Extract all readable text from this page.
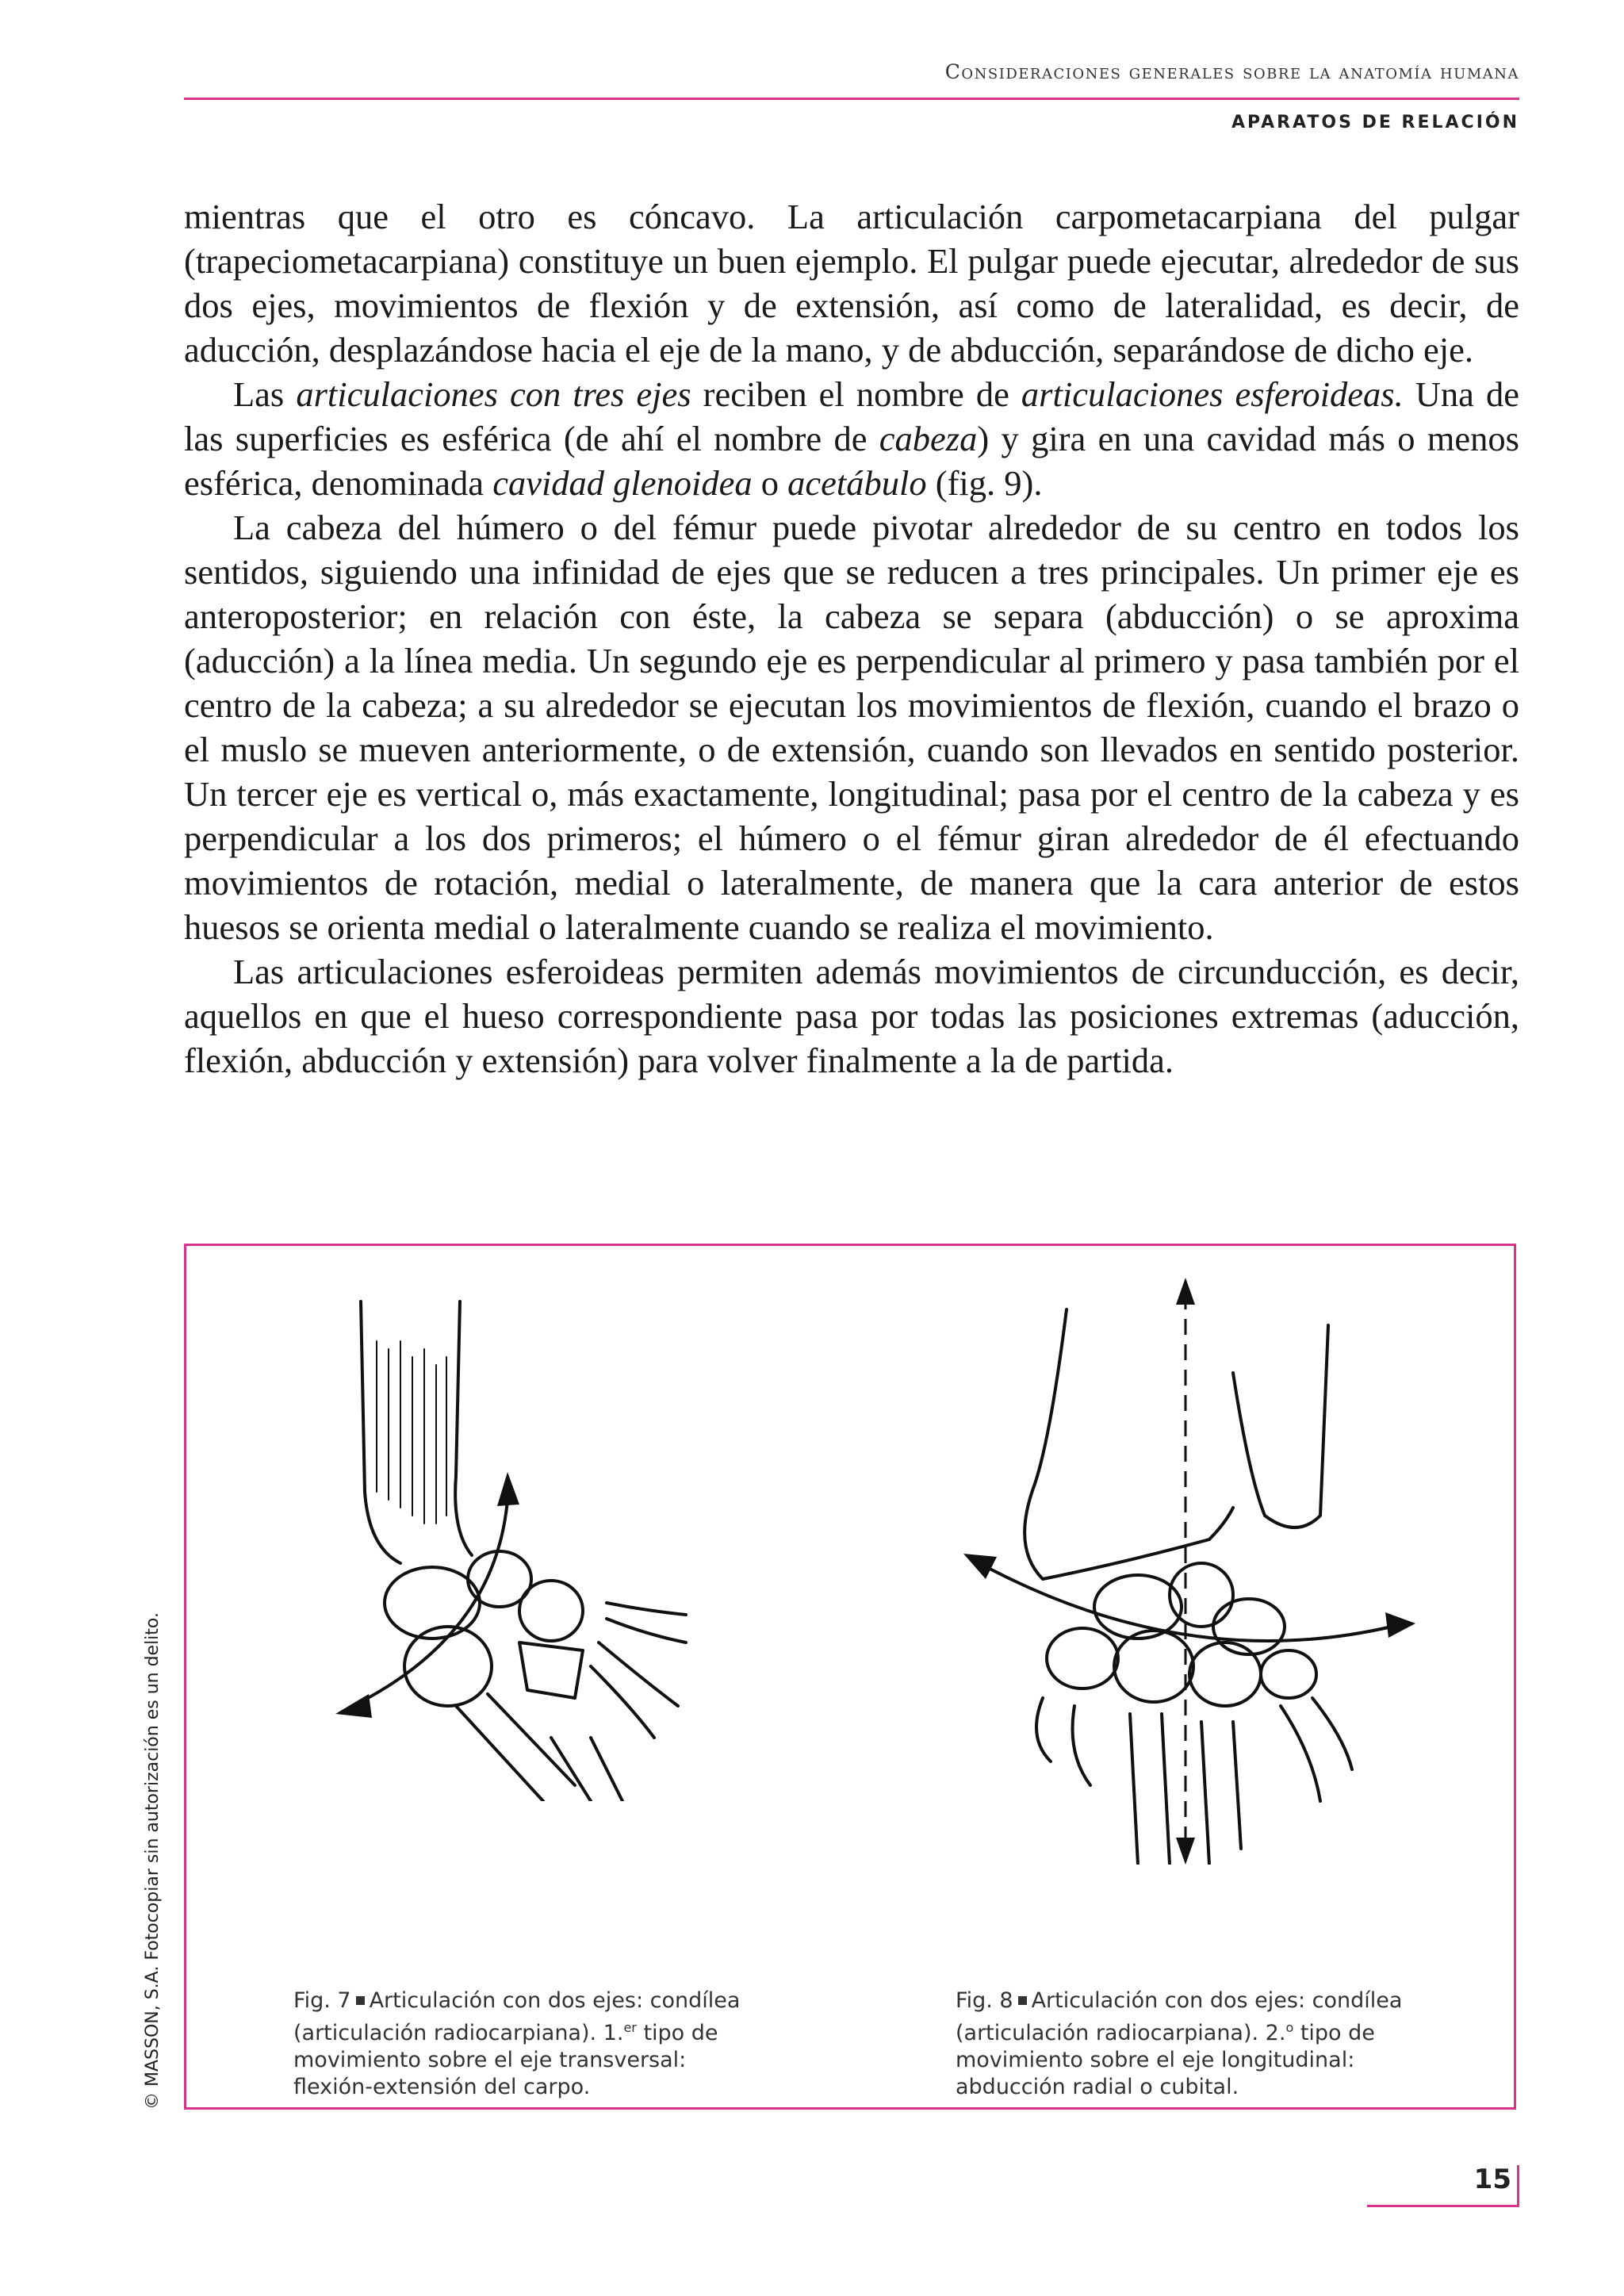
Consideraciones generales sobre la anatomía humana
APARATOS DE RELACIÓN

mientras que el otro es cóncavo. La articulación carpometacarpiana del pulgar (trapeciometacarpiana) constituye un buen ejemplo. El pulgar puede ejecutar, alrededor de sus dos ejes, movimientos de flexión y de extensión, así como de lateralidad, es decir, de aducción, desplazándose hacia el eje de la mano, y de abducción, separándose de dicho eje.

Las articulaciones con tres ejes reciben el nombre de articulaciones esferoideas. Una de las superficies es esférica (de ahí el nombre de cabeza) y gira en una cavidad más o menos esférica, denominada cavidad glenoidea o acetábulo (fig. 9).

La cabeza del húmero o del fémur puede pivotar alrededor de su centro en todos los sentidos, siguiendo una infinidad de ejes que se reducen a tres principales. Un primer eje es anteroposterior; en relación con éste, la cabeza se separa (abducción) o se aproxima (aducción) a la línea media. Un segundo eje es perpendicular al primero y pasa también por el centro de la cabeza; a su alrededor se ejecutan los movimientos de flexión, cuando el brazo o el muslo se mueven anteriormente, o de extensión, cuando son llevados en sentido posterior. Un tercer eje es vertical o, más exactamente, longitudinal; pasa por el centro de la cabeza y es perpendicular a los dos primeros; el húmero o el fémur giran alrededor de él efectuando movimientos de rotación, medial o lateralmente, de manera que la cara anterior de estos huesos se orienta medial o lateralmente cuando se realiza el movimiento.

Las articulaciones esferoideas permiten además movimientos de circunducción, es decir, aquellos en que el hueso correspondiente pasa por todas las posiciones extremas (aducción, flexión, abducción y extensión) para volver finalmente a la de partida.

Fig. 7 Articulación con dos ejes: condílea
(articulación radiocarpiana). 1.$^{er}$ tipo de
movimiento sobre el eje transversal:
flexión-extensión del carpo.
Fig. 8 Articulación con dos ejes: condílea
(articulación radiocarpiana). 2.$^o$ tipo de
movimiento sobre el eje longitudinal:
abducción radial o cubital.
© MASSON, S.A. Fotocopiar sin autorización es un delito.
15
